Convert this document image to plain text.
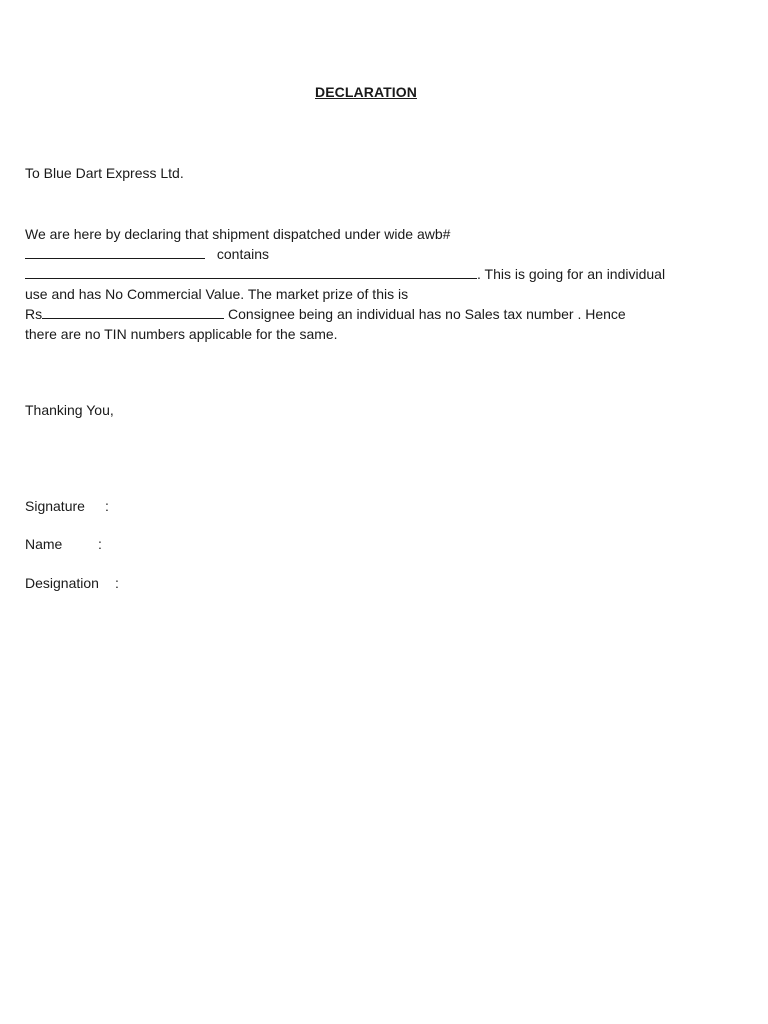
DECLARATION
To Blue Dart Express Ltd.
We are here by declaring that shipment dispatched under wide awb#
contains
. This is going for an individual
use and has No Commercial Value. The market prize of this is
Rs	Consignee being an individual has no Sales tax number . Hence
there are no TIN numbers applicable for the same.
Thanking You,
Signature :
Name	:
Designation :
